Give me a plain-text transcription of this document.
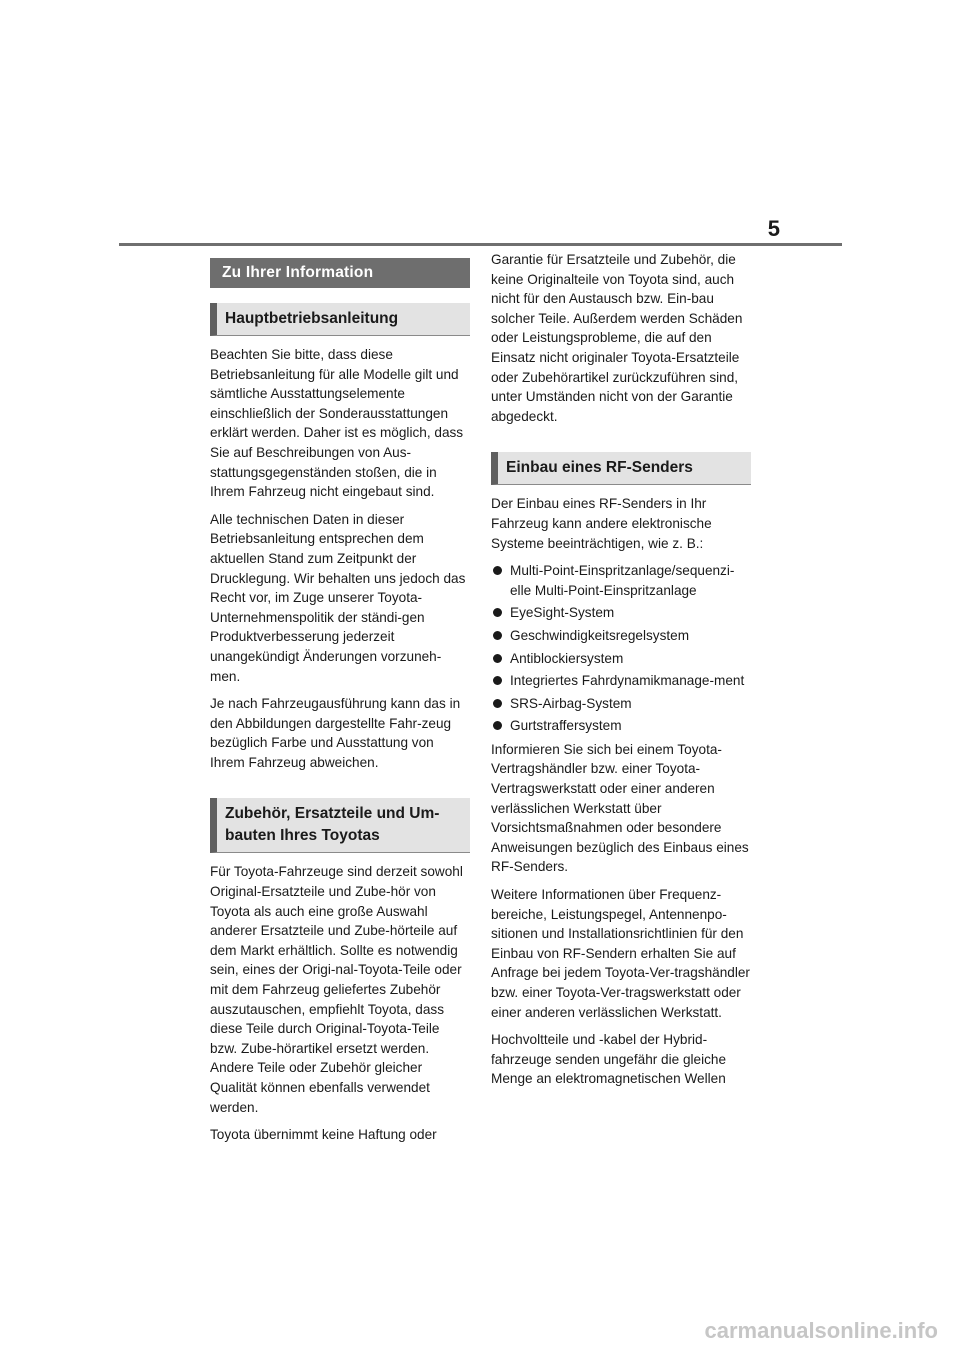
5
Zu Ihrer Information
Hauptbetriebsanleitung

Beachten Sie bitte, dass diese Betriebsanleitung für alle Modelle gilt und sämtliche Ausstattungselemente einschließlich der Sonderausstattungen erklärt werden. Daher ist es möglich, dass Sie auf Beschreibungen von Aus-stattungsgegenständen stoßen, die in Ihrem Fahrzeug nicht eingebaut sind.

Alle technischen Daten in dieser Betriebsanleitung entsprechen dem aktuellen Stand zum Zeitpunkt der Drucklegung. Wir behalten uns jedoch das Recht vor, im Zuge unserer Toyota-Unternehmenspolitik der ständi-gen Produktverbesserung jederzeit unangekündigt Änderungen vorzuneh-men.

Je nach Fahrzeugausführung kann das in den Abbildungen dargestellte Fahr-zeug bezüglich Farbe und Ausstattung von Ihrem Fahrzeug abweichen.

Zubehör, Ersatzteile und Um-bauten Ihres Toyotas

Für Toyota-Fahrzeuge sind derzeit sowohl Original-Ersatzteile und Zube-hör von Toyota als auch eine große Auswahl anderer Ersatzteile und Zube-hörteile auf dem Markt erhältlich. Sollte es notwendig sein, eines der Origi-nal-Toyota-Teile oder mit dem Fahrzeug geliefertes Zubehör auszutauschen, empfiehlt Toyota, dass diese Teile durch Original-Toyota-Teile bzw. Zube-hörartikel ersetzt werden. Andere Teile oder Zubehör gleicher Qualität können ebenfalls verwendet werden.

Toyota übernimmt keine Haftung oder

Garantie für Ersatzteile und Zubehör, die keine Originalteile von Toyota sind, auch nicht für den Austausch bzw. Ein-bau solcher Teile. Außerdem werden Schäden oder Leistungsprobleme, die auf den Einsatz nicht originaler Toyota-Ersatzteile oder Zubehörartikel zurückzuführen sind, unter Umständen nicht von der Garantie abgedeckt.

Einbau eines RF-Senders

Der Einbau eines RF-Senders in Ihr Fahrzeug kann andere elektronische Systeme beeinträchtigen, wie z. B.:

Multi-Point-Einspritzanlage/sequenzi-elle Multi-Point-Einspritzanlage
EyeSight-System
Geschwindigkeitsregelsystem
Antiblockiersystem
Integriertes Fahrdynamikmanage-ment
SRS-Airbag-System
Gurtstraffersystem

Informieren Sie sich bei einem Toyota-Vertragshändler bzw. einer Toyota-Vertragswerkstatt oder einer anderen verlässlichen Werkstatt über Vorsichtsmaßnahmen oder besondere Anweisungen bezüglich des Einbaus eines RF-Senders.

Weitere Informationen über Frequenz-bereiche, Leistungspegel, Antennenpo-sitionen und Installationsrichtlinien für den Einbau von RF-Sendern erhalten Sie auf Anfrage bei jedem Toyota-Ver-tragshändler bzw. einer Toyota-Ver-tragswerkstatt oder einer anderen verlässlichen Werkstatt.

Hochvoltteile und -kabel der Hybrid-fahrzeuge senden ungefähr die gleiche Menge an elektromagnetischen Wellen

carmanualsonline.info
